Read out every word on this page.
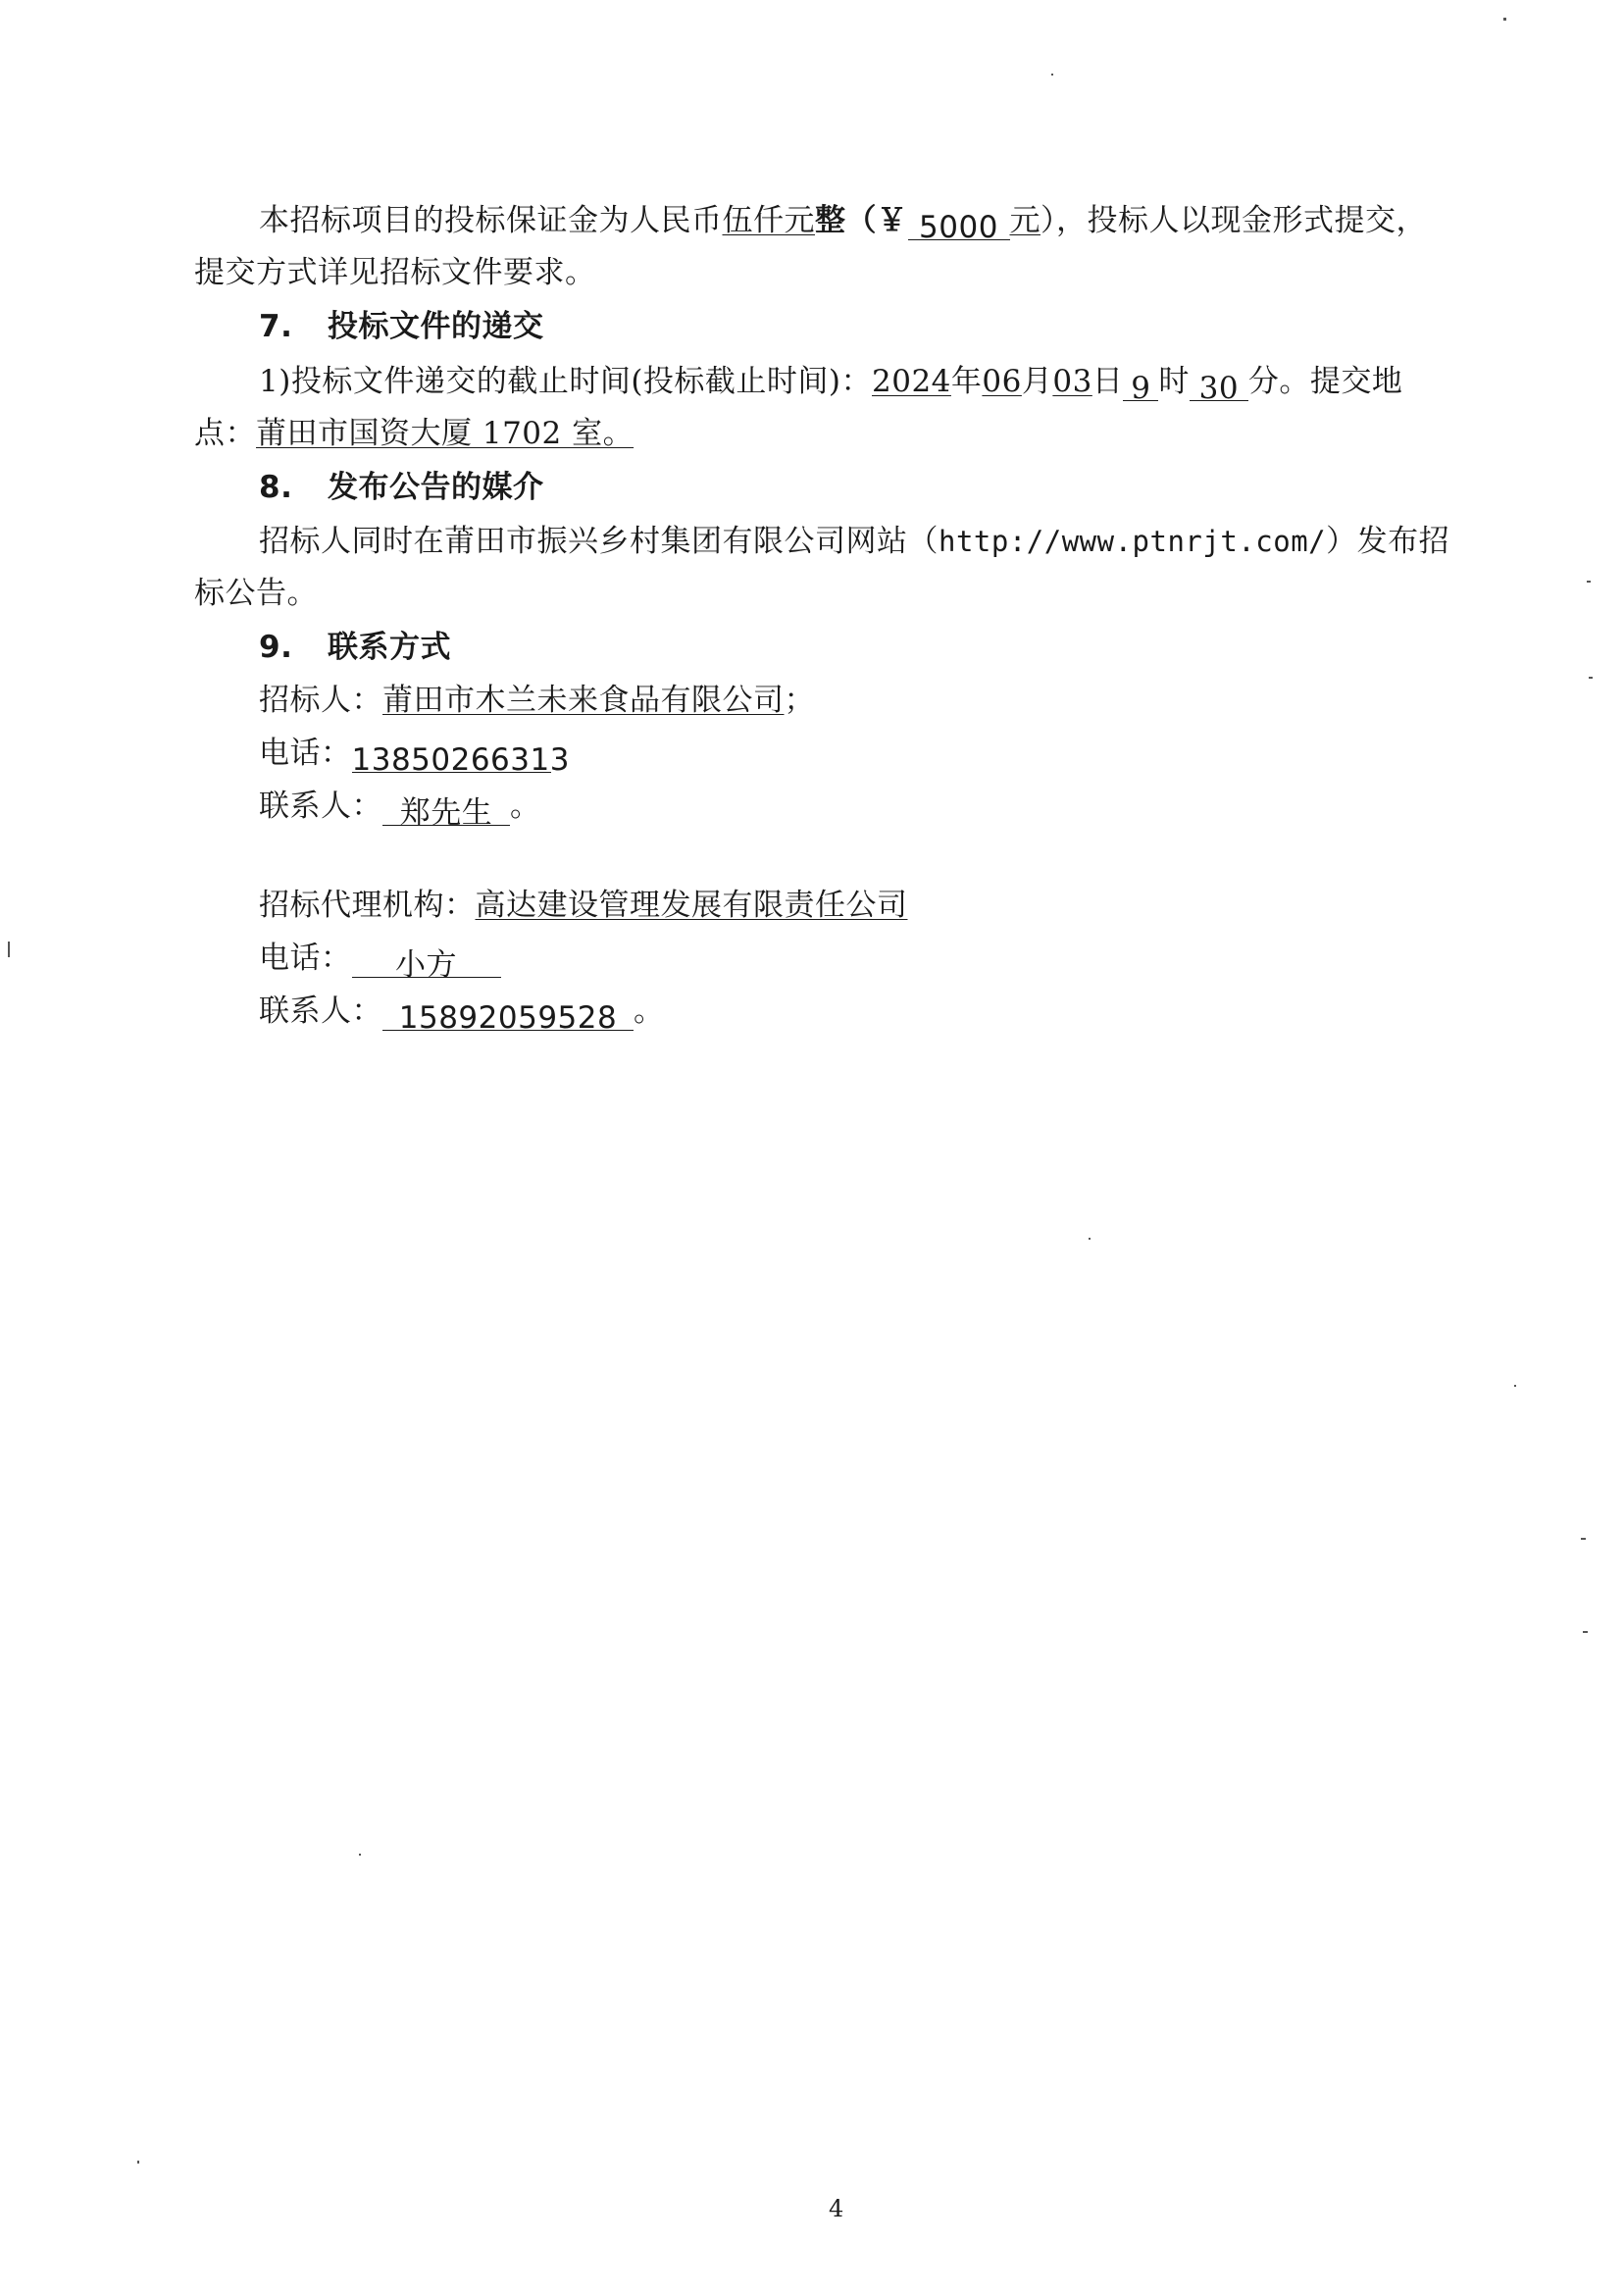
本招标项目的投标保证金为人民币伍仟元整（￥ 5000 元），投标人以现金形式提交，
提交方式详见招标文件要求。
7. 投标文件的递交
1)投标文件递交的截止时间(投标截止时间)：2024年06月03日 9 时 30 分。提交地
点：莆田市国资大厦 1702 室。
8. 发布公告的媒介
招标人同时在莆田市振兴乡村集团有限公司网站（http://www.ptnrjt.com/）发布招
标公告。
9. 联系方式
招标人：莆田市木兰未来食品有限公司；
电话：13850266313
联系人： 郑先生 。
招标代理机构：高达建设管理发展有限责任公司
电话： 小方
联系人： 15892059528 。
4
